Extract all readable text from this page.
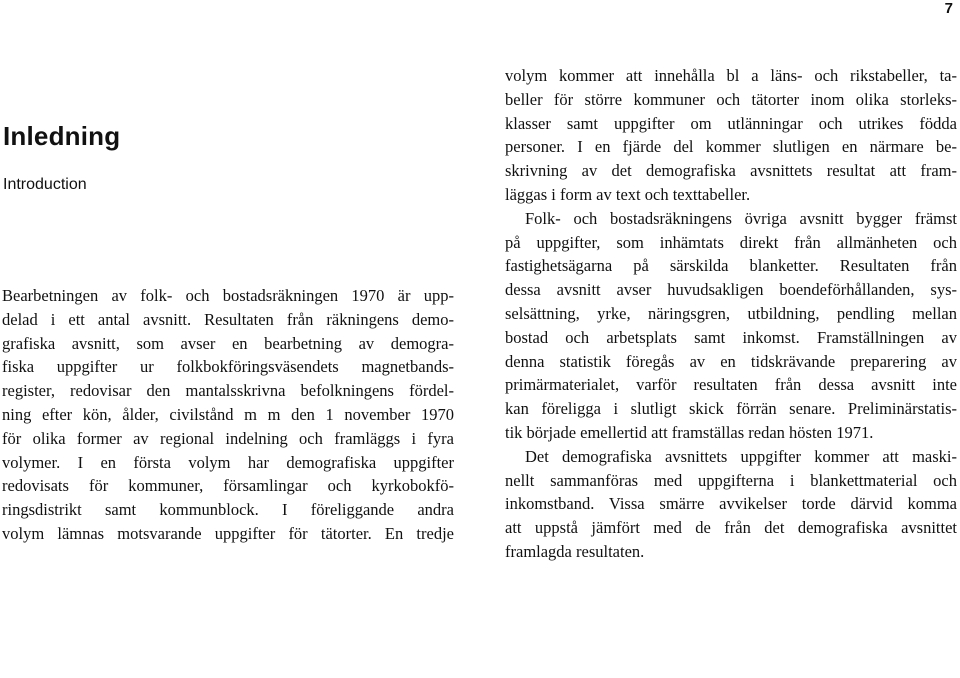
7
Inledning
Introduction
Bearbetningen av folk- och bostadsräkningen 1970 är upp-
delad i ett antal avsnitt. Resultaten från räkningens demo-
grafiska avsnitt, som avser en bearbetning av demogra-
fiska uppgifter ur folkbokföringsväsendets magnetbands-
register, redovisar den mantalsskrivna befolkningens fördel-
ning efter kön, ålder, civilstånd m m den 1 november 1970
för olika former av regional indelning och framläggs i fyra
volymer. I en första volym har demografiska uppgifter
redovisats för kommuner, församlingar och kyrkobokfö-
ringsdistrikt samt kommunblock. I föreliggande andra
volym lämnas motsvarande uppgifter för tätorter. En tredje
volym kommer att innehålla bl a läns- och rikstabeller, ta-
beller för större kommuner och tätorter inom olika storleks-
klasser samt uppgifter om utlänningar och utrikes födda
personer. I en fjärde del kommer slutligen en närmare be-
skrivning av det demografiska avsnittets resultat att fram-
läggas i form av text och texttabeller.
Folk- och bostadsräkningens övriga avsnitt bygger främst
på uppgifter, som inhämtats direkt från allmänheten och
fastighetsägarna på särskilda blanketter. Resultaten från
dessa avsnitt avser huvudsakligen boendeförhållanden, sys-
selsättning, yrke, näringsgren, utbildning, pendling mellan
bostad och arbetsplats samt inkomst. Framställningen av
denna statistik föregås av en tidskrävande preparering av
primärmaterialet, varför resultaten från dessa avsnitt inte
kan föreligga i slutligt skick förrän senare. Preliminärstatis-
tik började emellertid att framställas redan hösten 1971.
Det demografiska avsnittets uppgifter kommer att maski-
nellt sammanföras med uppgifterna i blankettmaterial och
inkomstband. Vissa smärre avvikelser torde därvid komma
att uppstå jämfört med de från det demografiska avsnittet
framlagda resultaten.
